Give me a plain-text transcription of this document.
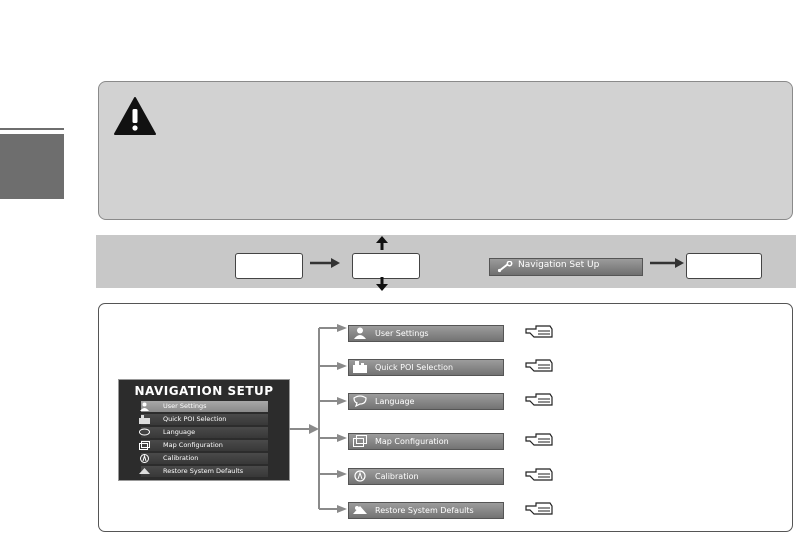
Navigation Set Up
NAVIGATION SETUP
User Settings
Quick POI Selection
Language
Map Configuration
Calibration
Restore System Defaults
User Settings
Quick POI Selection
Language
Map Configuration
Calibration
Restore System Defaults
